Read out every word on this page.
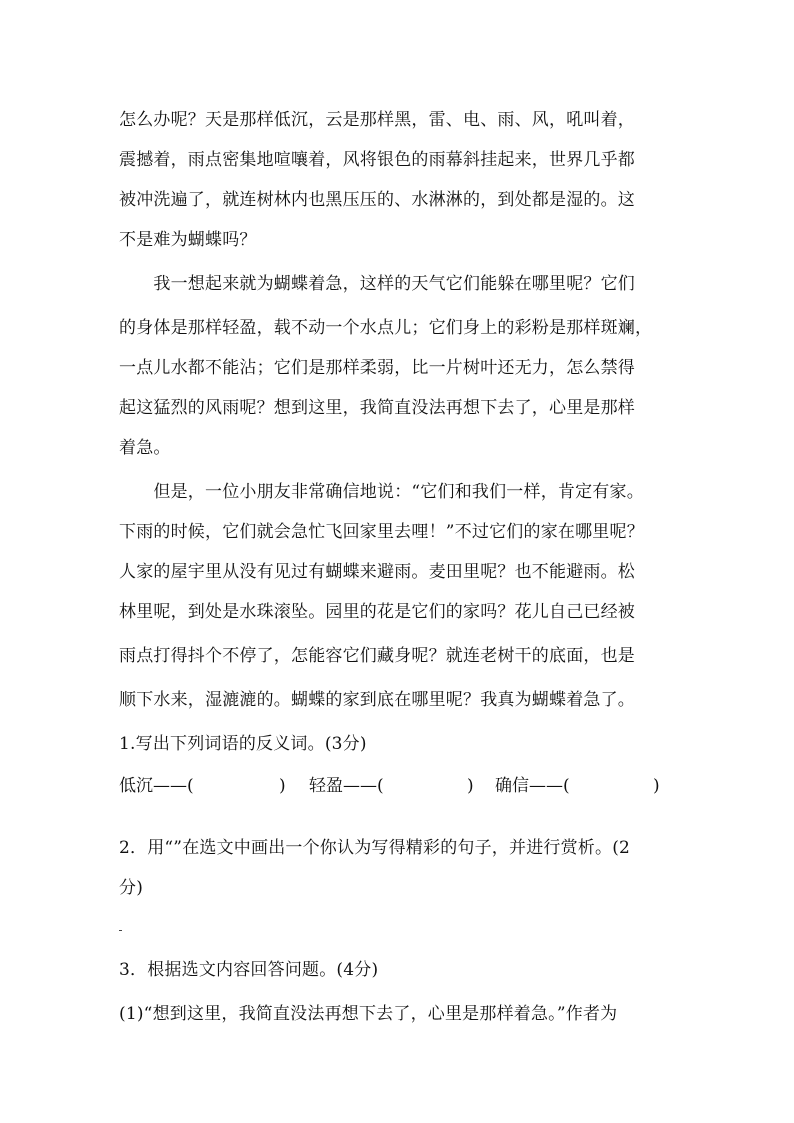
怎么办呢？天是那样低沉，云是那样黑，雷、电、雨、风，吼叫着，
震撼着，雨点密集地喧嚷着，风将银色的雨幕斜挂起来，世界几乎都
被冲洗遍了，就连树林内也黑压压的、水淋淋的，到处都是湿的。这
不是难为蝴蝶吗？
　　我一想起来就为蝴蝶着急，这样的天气它们能躲在哪里呢？它们
的身体是那样轻盈，载不动一个水点儿；它们身上的彩粉是那样斑斓，
一点儿水都不能沾；它们是那样柔弱，比一片树叶还无力，怎么禁得
起这猛烈的风雨呢？想到这里，我简直没法再想下去了，心里是那样
着急。
　　但是，一位小朋友非常确信地说：“它们和我们一样，肯定有家。
下雨的时候，它们就会急忙飞回家里去哩！”不过它们的家在哪里呢？
人家的屋宇里从没有见过有蝴蝶来避雨。麦田里呢？也不能避雨。松
林里呢，到处是水珠滚坠。园里的花是它们的家吗？花儿自己已经被
雨点打得抖个不停了，怎能容它们藏身呢？就连老树干的底面，也是
顺下水来，湿漉漉的。蝴蝶的家到底在哪里呢？我真为蝴蝶着急了。
1.写出下列词语的反义词。(3分)
低沉——(	) 轻盈——(	) 确信——(	)
2．用“”在选文中画出一个你认为写得精彩的句子，并进行赏析。(2
分)
3．根据选文内容回答问题。(4分)
(1)“想到这里，我简直没法再想下去了，心里是那样着急。”作者为
